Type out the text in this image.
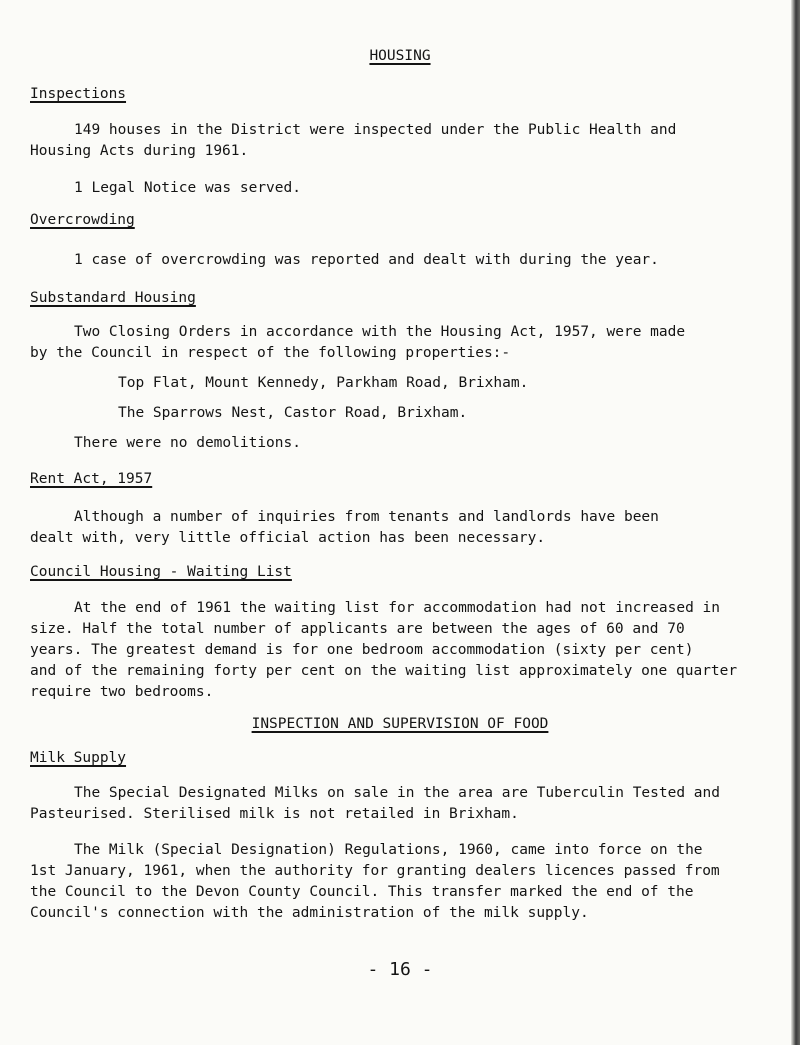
HOUSING

Inspections

149 houses in the District were inspected under the Public Health and

Housing Acts during 1961.

1 Legal Notice was served.

Overcrowding

1 case of overcrowding was reported and dealt with during the year.

Substandard Housing

Two Closing Orders in accordance with the Housing Act, 1957, were made

by the Council in respect of the following properties:-

Top Flat, Mount Kennedy, Parkham Road, Brixham.

The Sparrows Nest, Castor Road, Brixham.

There were no demolitions.

Rent Act, 1957

Although a number of inquiries from tenants and landlords have been

dealt with, very little official action has been necessary.

Council Housing - Waiting List

At the end of 1961 the waiting list for accommodation had not increased in

size. Half the total number of applicants are between the ages of 60 and 70

years. The greatest demand is for one bedroom accommodation (sixty per cent)

and of the remaining forty per cent on the waiting list approximately one quarter

require two bedrooms.

INSPECTION AND SUPERVISION OF FOOD

Milk Supply

The Special Designated Milks on sale in the area are Tuberculin Tested and

Pasteurised. Sterilised milk is not retailed in Brixham.

The Milk (Special Designation) Regulations, 1960, came into force on the

1st January, 1961, when the authority for granting dealers licences passed from

the Council to the Devon County Council. This transfer marked the end of the

Council's connection with the administration of the milk supply.

- 16 -
